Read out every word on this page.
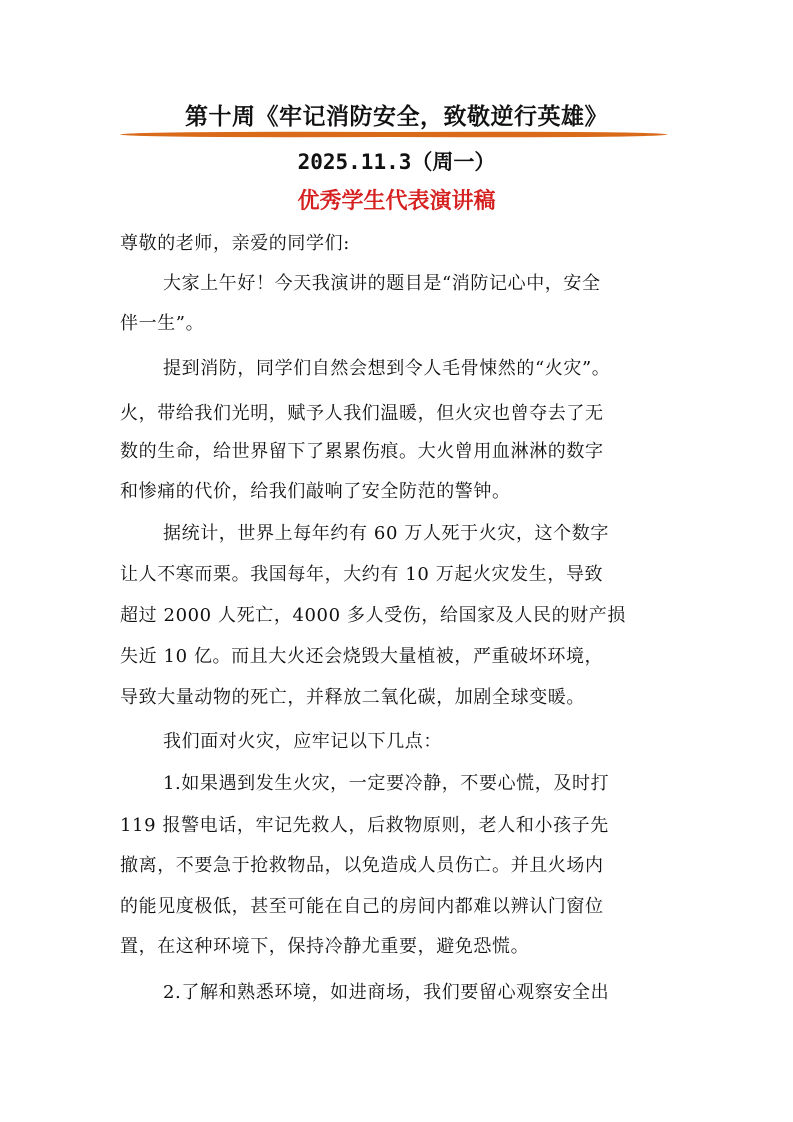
第十周《牢记消防安全，致敬逆行英雄》
2025.11.3（周一）
优秀学生代表演讲稿
尊敬的老师，亲爱的同学们:
大家上午好！今天我演讲的题目是“消防记心中，安全
伴一生”。
提到消防，同学们自然会想到令人毛骨悚然的“火灾”。
火，带给我们光明，赋予人我们温暖，但火灾也曾夺去了无
数的生命，给世界留下了累累伤痕。大火曾用血淋淋的数字
和惨痛的代价，给我们敲响了安全防范的警钟。
据统计，世界上每年约有 60 万人死于火灾，这个数字
让人不寒而栗。我国每年，大约有 10 万起火灾发生，导致
超过 2000 人死亡，4000 多人受伤，给国家及人民的财产损
失近 10 亿。而且大火还会烧毁大量植被，严重破坏环境，
导致大量动物的死亡，并释放二氧化碳，加剧全球变暖。
我们面对火灾，应牢记以下几点：
1.如果遇到发生火灾，一定要冷静，不要心慌，及时打
119 报警电话，牢记先救人，后救物原则，老人和小孩子先
撤离，不要急于抢救物品，以免造成人员伤亡。并且火场内
的能见度极低，甚至可能在自己的房间内都难以辨认门窗位
置，在这种环境下，保持冷静尤重要，避免恐慌。
2.了解和熟悉环境，如进商场，我们要留心观察安全出
